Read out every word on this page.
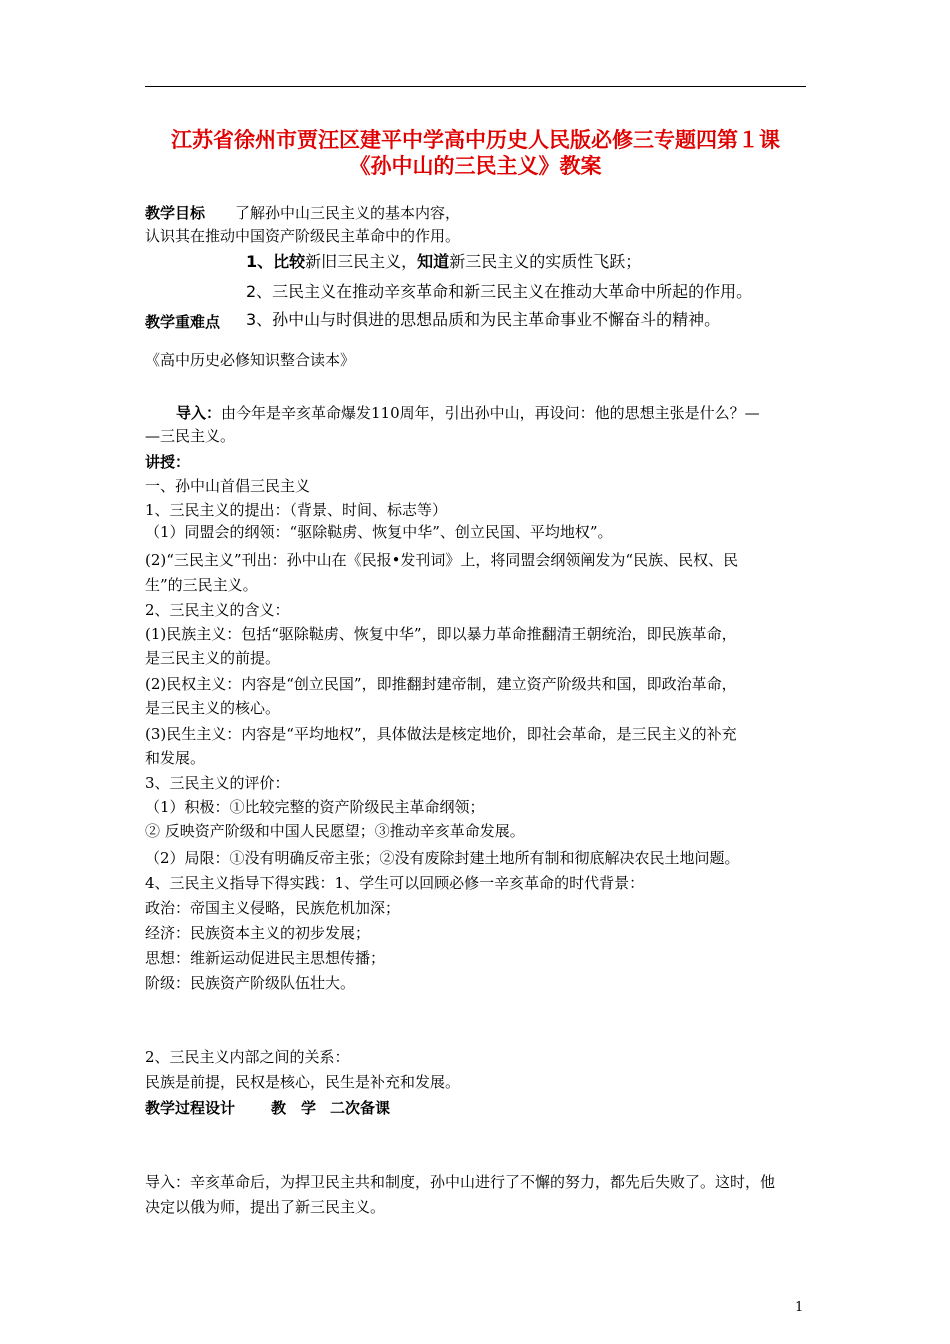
江苏省徐州市贾汪区建平中学高中历史人民版必修三专题四第１课
《孙中山的三民主义》教案
教学目标 了解孙中山三民主义的基本内容，
认识其在推动中国资产阶级民主革命中的作用。
1、比较新旧三民主义，知道新三民主义的实质性飞跃；
2、三民主义在推动辛亥革命和新三民主义在推动大革命中所起的作用。
教学重难点 3、孙中山与时俱进的思想品质和为民主革命事业不懈奋斗的精神。
《高中历史必修知识整合读本》
导入：由今年是辛亥革命爆发110周年，引出孙中山，再设问：他的思想主张是什么？—
—三民主义。
讲授：
一、孙中山首倡三民主义
1、三民主义的提出：（背景、时间、标志等）
（1）同盟会的纲领：“驱除鞑虏、恢复中华”、创立民国、平均地权”。
(2)“三民主义”刊出：孙中山在《民报•发刊词》上，将同盟会纲领阐发为“民族、民权、民
生”的三民主义。
2、三民主义的含义：
(1)民族主义：包括“驱除鞑虏、恢复中华”，即以暴力革命推翻清王朝统治，即民族革命，
是三民主义的前提。
(2)民权主义：内容是“创立民国”，即推翻封建帝制，建立资产阶级共和国，即政治革命，
是三民主义的核心。
(3)民生主义：内容是“平均地权”，具体做法是核定地价，即社会革命，是三民主义的补充
和发展。
3、三民主义的评价：
（1）积极：①比较完整的资产阶级民主革命纲领；
② 反映资产阶级和中国人民愿望；③推动辛亥革命发展。
（2）局限：①没有明确反帝主张；②没有废除封建土地所有制和彻底解决农民土地问题。
4、三民主义指导下得实践：1、学生可以回顾必修一辛亥革命的时代背景：
政治：帝国主义侵略，民族危机加深；
经济：民族资本主义的初步发展；
思想：维新运动促进民主思想传播；
阶级：民族资产阶级队伍壮大。
2、三民主义内部之间的关系：
民族是前提，民权是核心，民生是补充和发展。
教学过程设计 教　学 二次备课
导入：辛亥革命后，为捍卫民主共和制度，孙中山进行了不懈的努力，都先后失败了。这时，他
决定以俄为师，提出了新三民主义。
1
